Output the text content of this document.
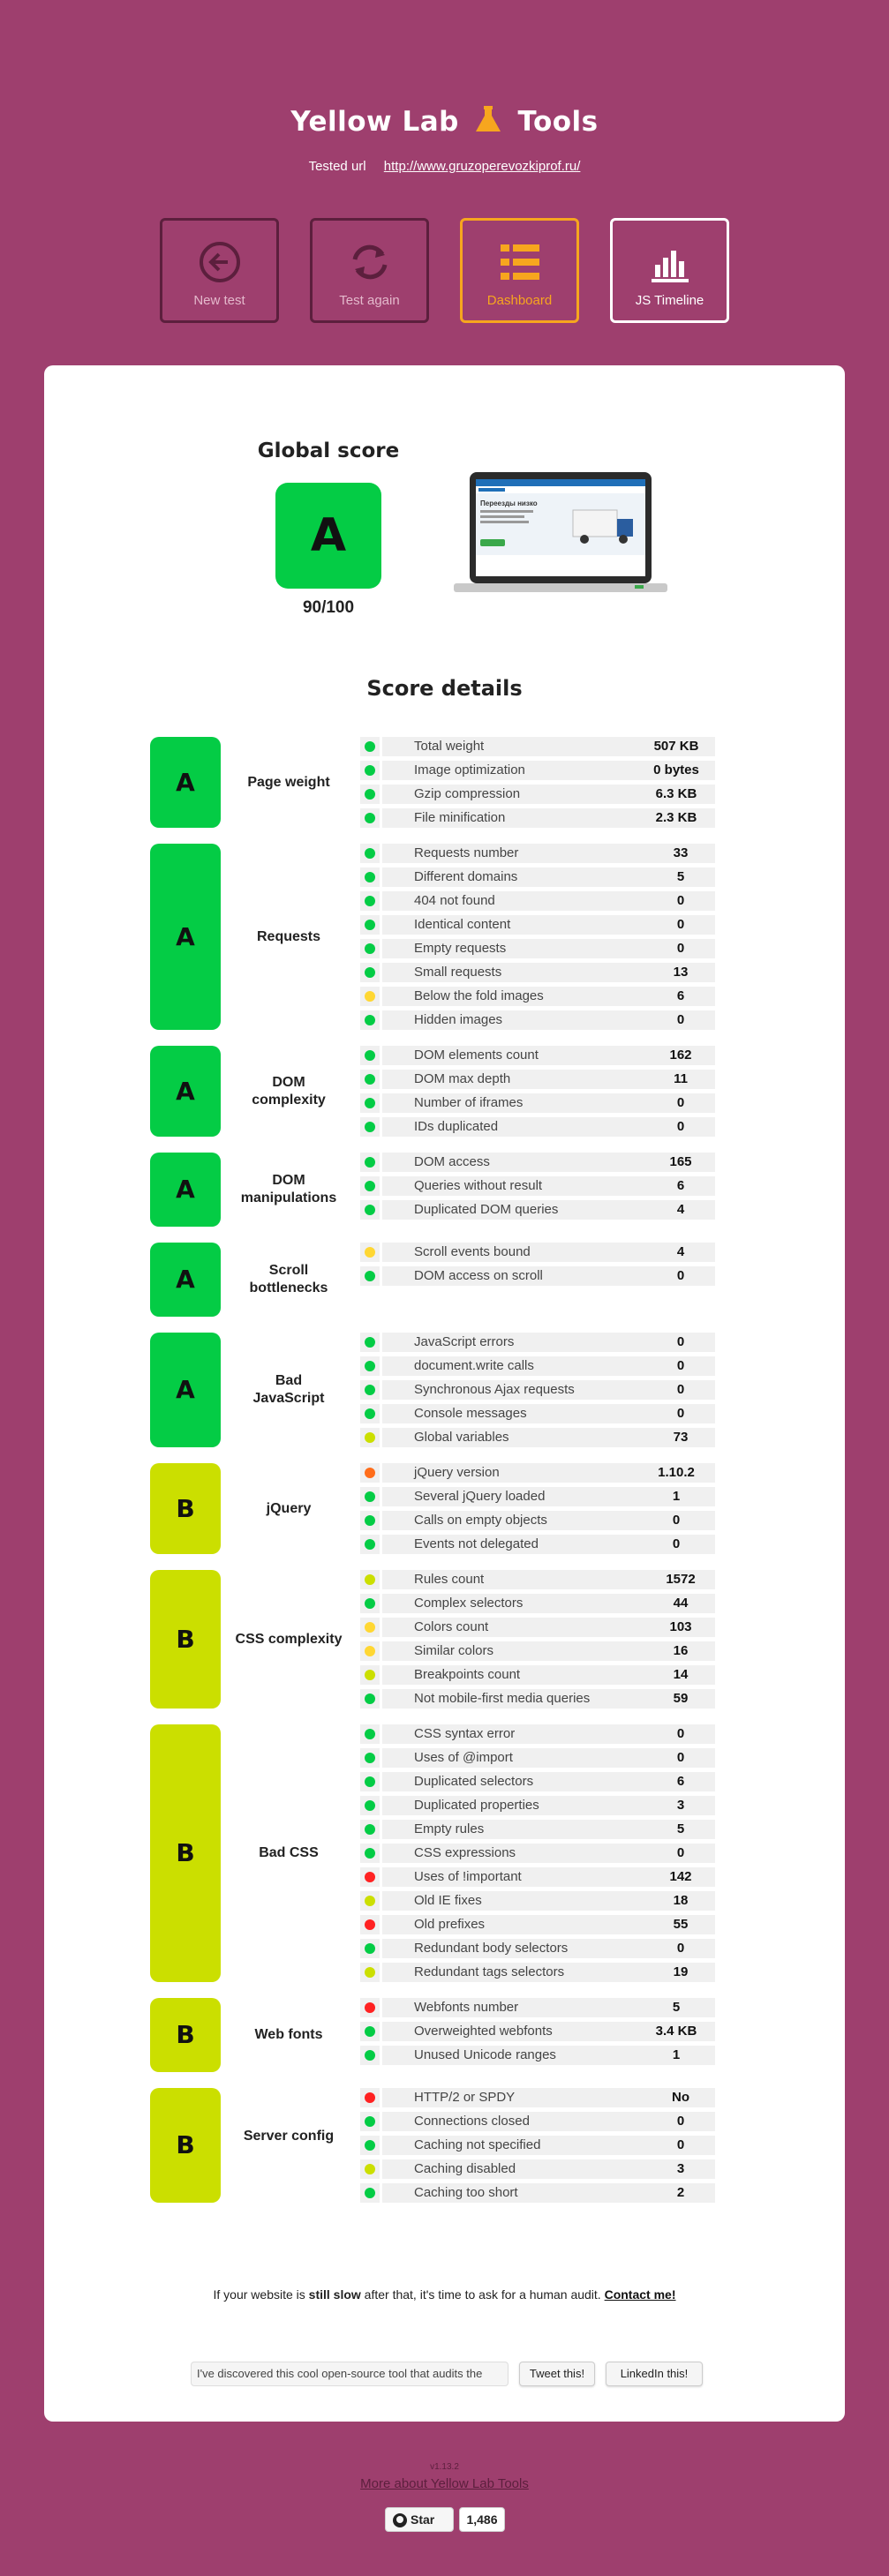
Yellow Lab Tools
Tested url http://www.gruzoperevozkiprof.ru/
New test	Test again	Dashboard	JS Timeline
Global score
A
90/100
Переезды низко
Score details
A	Page weight
Total weight	507 KB
Image optimization	0 bytes
Gzip compression	6.3 KB
File minification	2.3 KB
A	Requests
Requests number	33
Different domains	5
404 not found	0
Identical content	0
Empty requests	0
Small requests	13
Below the fold images	6
Hidden images	0
A	DOM complexity
DOM elements count	162
DOM max depth	11
Number of iframes	0
IDs duplicated	0
A	DOM manipulations
DOM access	165
Queries without result	6
Duplicated DOM queries	4
A	Scroll bottlenecks
Scroll events bound	4
DOM access on scroll	0
A	Bad JavaScript
JavaScript errors	0
document.write calls	0
Synchronous Ajax requests	0
Console messages	0
Global variables	73
B	jQuery
jQuery version	1.10.2
Several jQuery loaded	1
Calls on empty objects	0
Events not delegated	0
B	CSS complexity
Rules count	1572
Complex selectors	44
Colors count	103
Similar colors	16
Breakpoints count	14
Not mobile-first media queries	59
B	Bad CSS
CSS syntax error	0
Uses of @import	0
Duplicated selectors	6
Duplicated properties	3
Empty rules	5
CSS expressions	0
Uses of !important	142
Old IE fixes	18
Old prefixes	55
Redundant body selectors	0
Redundant tags selectors	19
B	Web fonts
Webfonts number	5
Overweighted webfonts	3.4 KB
Unused Unicode ranges	1
B	Server config
HTTP/2 or SPDY	No
Connections closed	0
Caching not specified	0
Caching disabled	3
Caching too short	2
If your website is still slow after that, it's time to ask for a human audit. Contact me!
I've discovered this cool open-source tool that audits the	Tweet this!	LinkedIn this!
v1.13.2
More about Yellow Lab Tools
Star	1,486
